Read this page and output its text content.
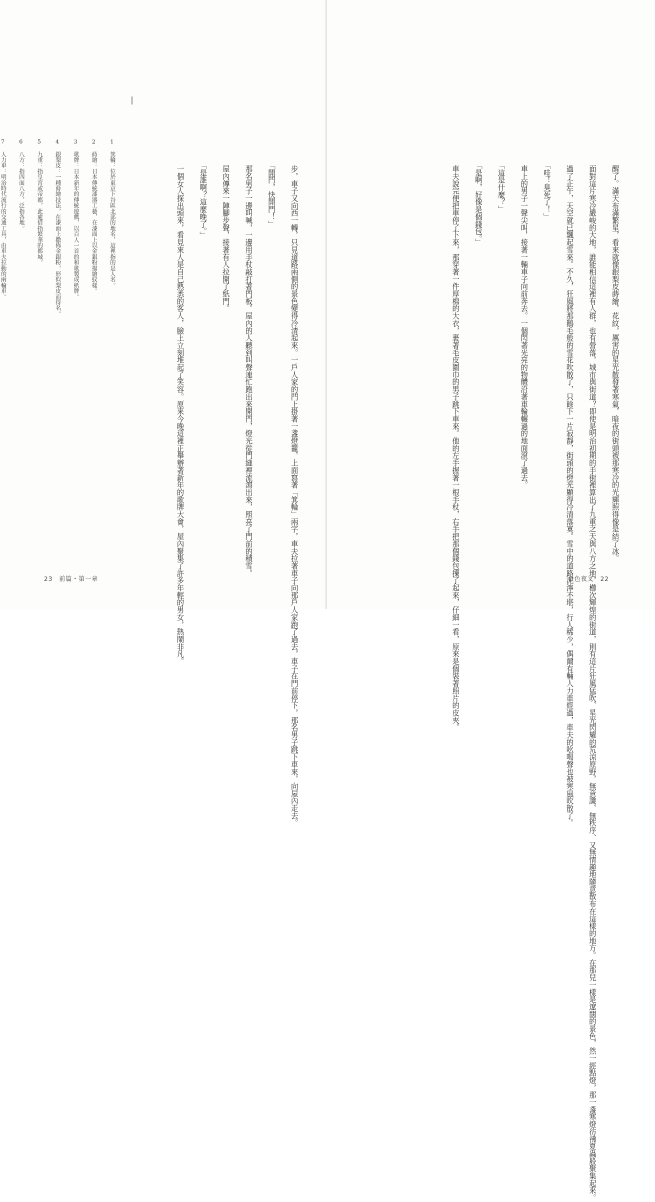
1　箕輪：位於東京下谷區北部的地名，這裡指的是人名。

2　蒔繪：日本傳統漆器工藝，在漆面上以金銀粉描繪紋樣。

3　歌牌：日本新年的傳統遊戲，以百人一首的和歌製成紙牌。

4　銀梨皮：一種蒔繪技法，在漆面上撒佈金銀粉，形似梨皮而得名。

5　九重：指皇宮或帝都，此處借指繁華的都城。

6　八方：指四面八方，泛指各地。

7　人力車：明治時代流行的交通工具，由車夫拉動的兩輪車。

	　步，車子又向西一轉，只見道路兩側的景色變得冷清起來。一戶人家的門上掛著一盞燈籠，上面寫著「箕輪」兩字，車夫拉著車子向那戶人家跑了過去，車子在門前停下，那名男子跳下車來，向屋內走去。

　「開門，快開門！」

　那名男子一邊叫喊，一邊用手杖敲打著門板。屋內的人聽到叫聲連忙跑出來開門，燈光從門縫裡流瀉出來，照亮了門前的積雪。

　屋內傳來一陣腳步聲，接著有人拉開了紙門。

　「是誰啊？這麼晚了。」

　一個女人探出頭來，看見來人是自己熟悉的客人，臉上立刻堆起了笑容。原來今晚這裡正舉辦著新年的歌牌大會，屋內聚集了許多年輕的男女，熱鬧非凡。

23　前篇・第一章

　醒了。滿天布滿繁星，看來就像銀梨皮蒔繪，花紋，厲害的星光散發著寒氣，暗夜的街頭被那寒冷的光輝照得像是結了冰。

　面對這片寒冷嚴峻的大地，誰能相信這裡有人群，也有營落，城市與街道？即使是明治初期的手街裡算出了九重之天與八方之地，櫛次輝煌的街道，則有這片狂風猛吹、星光閃耀的荒涼原野，無意識、無秩序、又無情趣地隨意散布在這樣的地方。在那兒一樣是遼闊的景色，然一經點燈，那一盞寒燈彷彿夏蟲般聚集起來。

　過了正午，天空就已飄起雪來。不久，狂風將那鵝毛般的雪花吹散了，只餘下一片寂靜，街頭的燈光顯得冷清落寞。雪中的道路泥濘不堪，行人稀少，偶爾有輛人力車經過，車夫的吆喝聲也被寒風吹散了。

　「哇！臭死了！」

　車上的男子一聲尖叫，接著一輛車子向前奔去。一個閃著光亮的物體沿著車輪輾過的地面滾了過去。

　「這是什麼？」

　「是啊，好像是個錢包。」

　車夫說完便把車停了下來，那穿著一件厚棉的大衣，裹著毛皮圍巾的男子跳下車來。他的左手握著一根手杖，右手把那個錢包揀了起來，仔細一看，原來是個裝著照片的皮夾。
	金色夜叉　22
